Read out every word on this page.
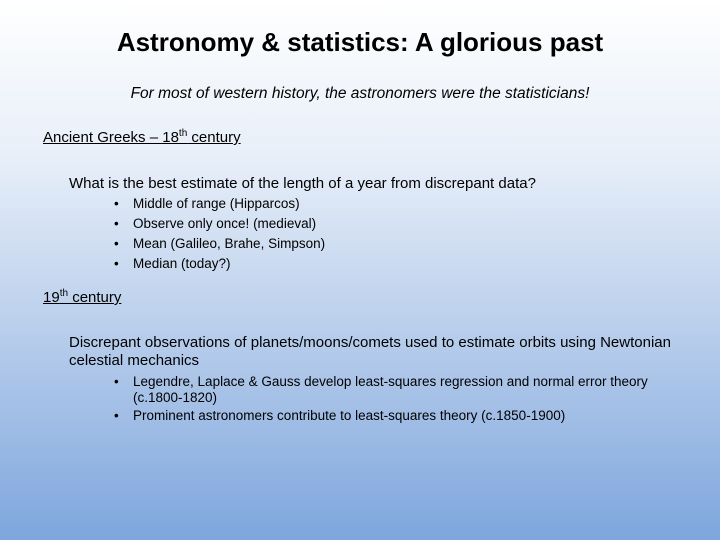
Astronomy & statistics: A glorious past
For most of western history, the astronomers were the statisticians!
Ancient Greeks – 18th century
What is the best estimate of the length of a year from discrepant data?
• Middle of range (Hipparcos)
• Observe only once! (medieval)
• Mean (Galileo, Brahe, Simpson)
• Median (today?)
19th century
Discrepant observations of planets/moons/comets used to estimate orbits using Newtonian celestial mechanics
• Legendre, Laplace & Gauss develop least-squares regression and normal error theory (c.1800-1820)
• Prominent astronomers contribute to least-squares theory (c.1850-1900)
